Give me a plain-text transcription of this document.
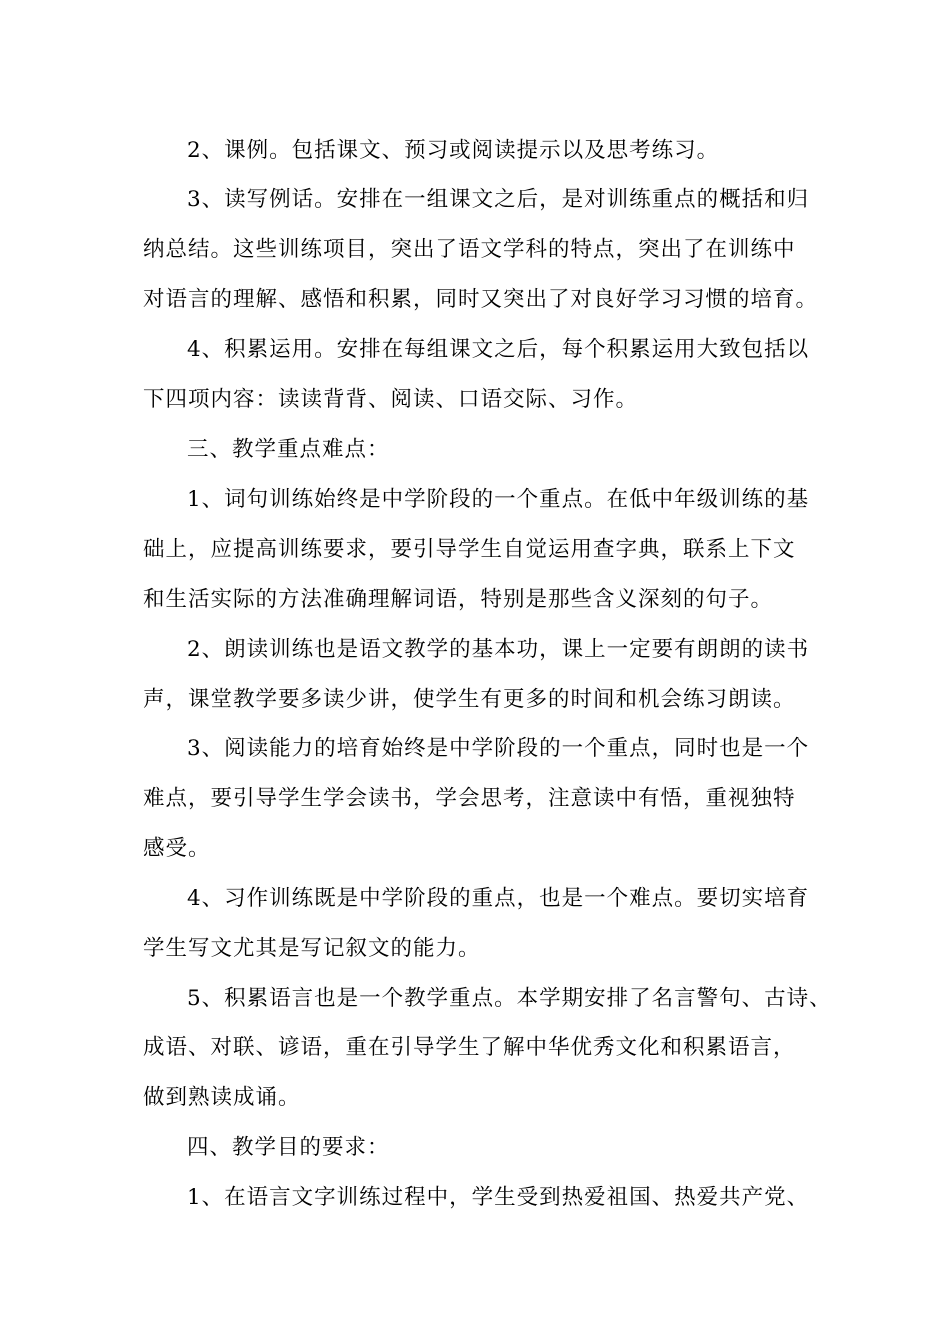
2、课例。包括课文、预习或阅读提示以及思考练习。
3、读写例话。安排在一组课文之后，是对训练重点的概括和归
纳总结。这些训练项目，突出了语文学科的特点，突出了在训练中
对语言的理解、感悟和积累，同时又突出了对良好学习习惯的培育。
4、积累运用。安排在每组课文之后，每个积累运用大致包括以
下四项内容：读读背背、阅读、口语交际、习作。
三、教学重点难点：
1、词句训练始终是中学阶段的一个重点。在低中年级训练的基
础上，应提高训练要求，要引导学生自觉运用查字典，联系上下文
和生活实际的方法准确理解词语，特别是那些含义深刻的句子。
2、朗读训练也是语文教学的基本功，课上一定要有朗朗的读书
声，课堂教学要多读少讲，使学生有更多的时间和机会练习朗读。
3、阅读能力的培育始终是中学阶段的一个重点，同时也是一个
难点，要引导学生学会读书，学会思考，注意读中有悟，重视独特
感受。
4、习作训练既是中学阶段的重点，也是一个难点。要切实培育
学生写文尤其是写记叙文的能力。
5、积累语言也是一个教学重点。本学期安排了名言警句、古诗、
成语、对联、谚语，重在引导学生了解中华优秀文化和积累语言，
做到熟读成诵。
四、教学目的要求：
1、在语言文字训练过程中，学生受到热爱祖国、热爱共产党、
